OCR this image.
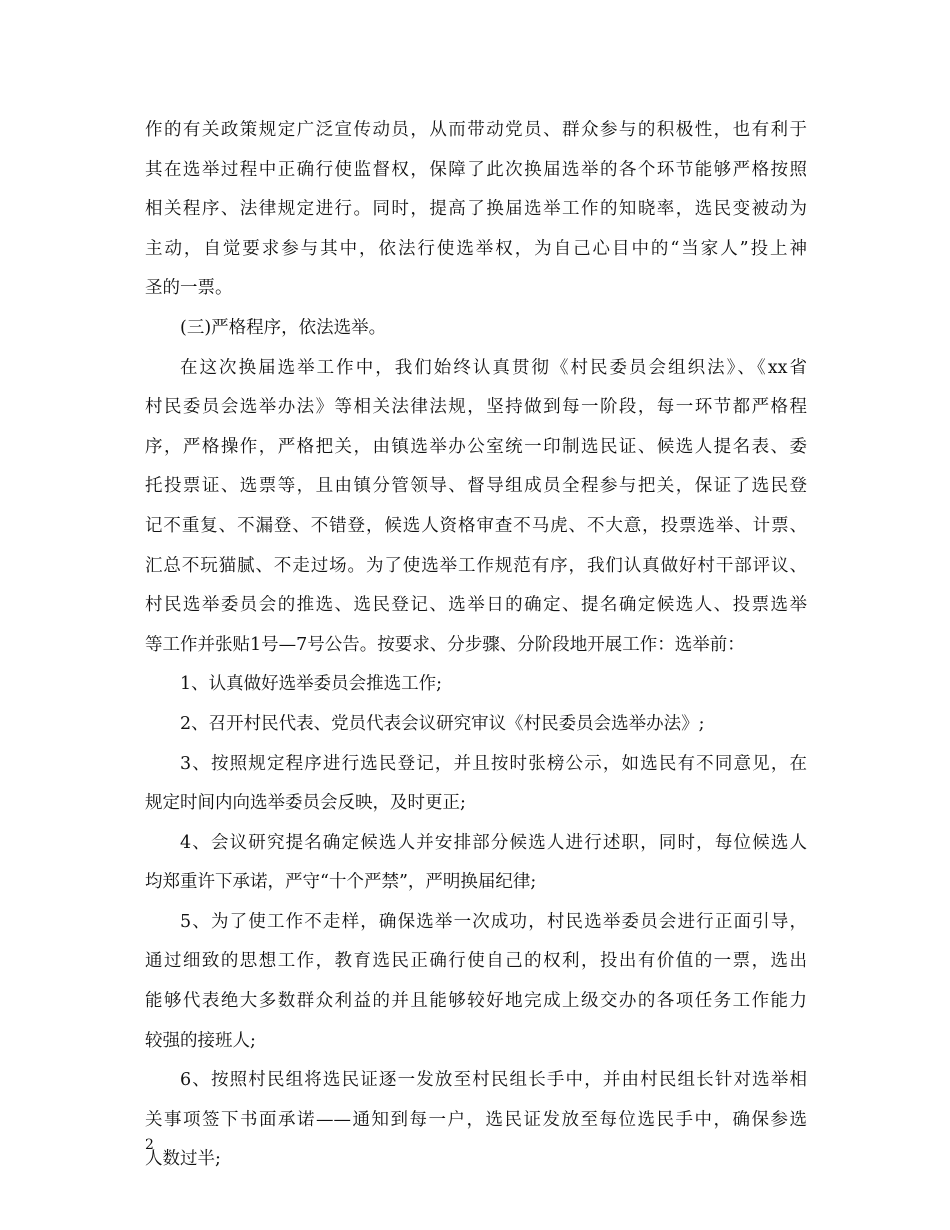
作的有关政策规定广泛宣传动员，从而带动党员、群众参与的积极性，也有利于
其在选举过程中正确行使监督权，保障了此次换届选举的各个环节能够严格按照
相关程序、法律规定进行。同时，提高了换届选举工作的知晓率，选民变被动为
主动，自觉要求参与其中，依法行使选举权，为自己心目中的“当家人”投上神
圣的一票。
(三)严格程序，依法选举。
在这次换届选举工作中，我们始终认真贯彻《村民委员会组织法》、《xx省
村民委员会选举办法》等相关法律法规，坚持做到每一阶段，每一环节都严格程
序，严格操作，严格把关，由镇选举办公室统一印制选民证、候选人提名表、委
托投票证、选票等，且由镇分管领导、督导组成员全程参与把关，保证了选民登
记不重复、不漏登、不错登，候选人资格审查不马虎、不大意，投票选举、计票、
汇总不玩猫腻、不走过场。为了使选举工作规范有序，我们认真做好村干部评议、
村民选举委员会的推选、选民登记、选举日的确定、提名确定候选人、投票选举
等工作并张贴1号—7号公告。按要求、分步骤、分阶段地开展工作：选举前：
1、认真做好选举委员会推选工作;
2、召开村民代表、党员代表会议研究审议《村民委员会选举办法》;
3、按照规定程序进行选民登记，并且按时张榜公示，如选民有不同意见，在
规定时间内向选举委员会反映，及时更正;
4、会议研究提名确定候选人并安排部分候选人进行述职，同时，每位候选人
均郑重许下承诺，严守“十个严禁”，严明换届纪律;
5、为了使工作不走样，确保选举一次成功，村民选举委员会进行正面引导，
通过细致的思想工作，教育选民正确行使自己的权利，投出有价值的一票，选出
能够代表绝大多数群众利益的并且能够较好地完成上级交办的各项任务工作能力
较强的接班人;
6、按照村民组将选民证逐一发放至村民组长手中，并由村民组长针对选举相
关事项签下书面承诺——通知到每一户，选民证发放至每位选民手中，确保参选
人数过半;
2
